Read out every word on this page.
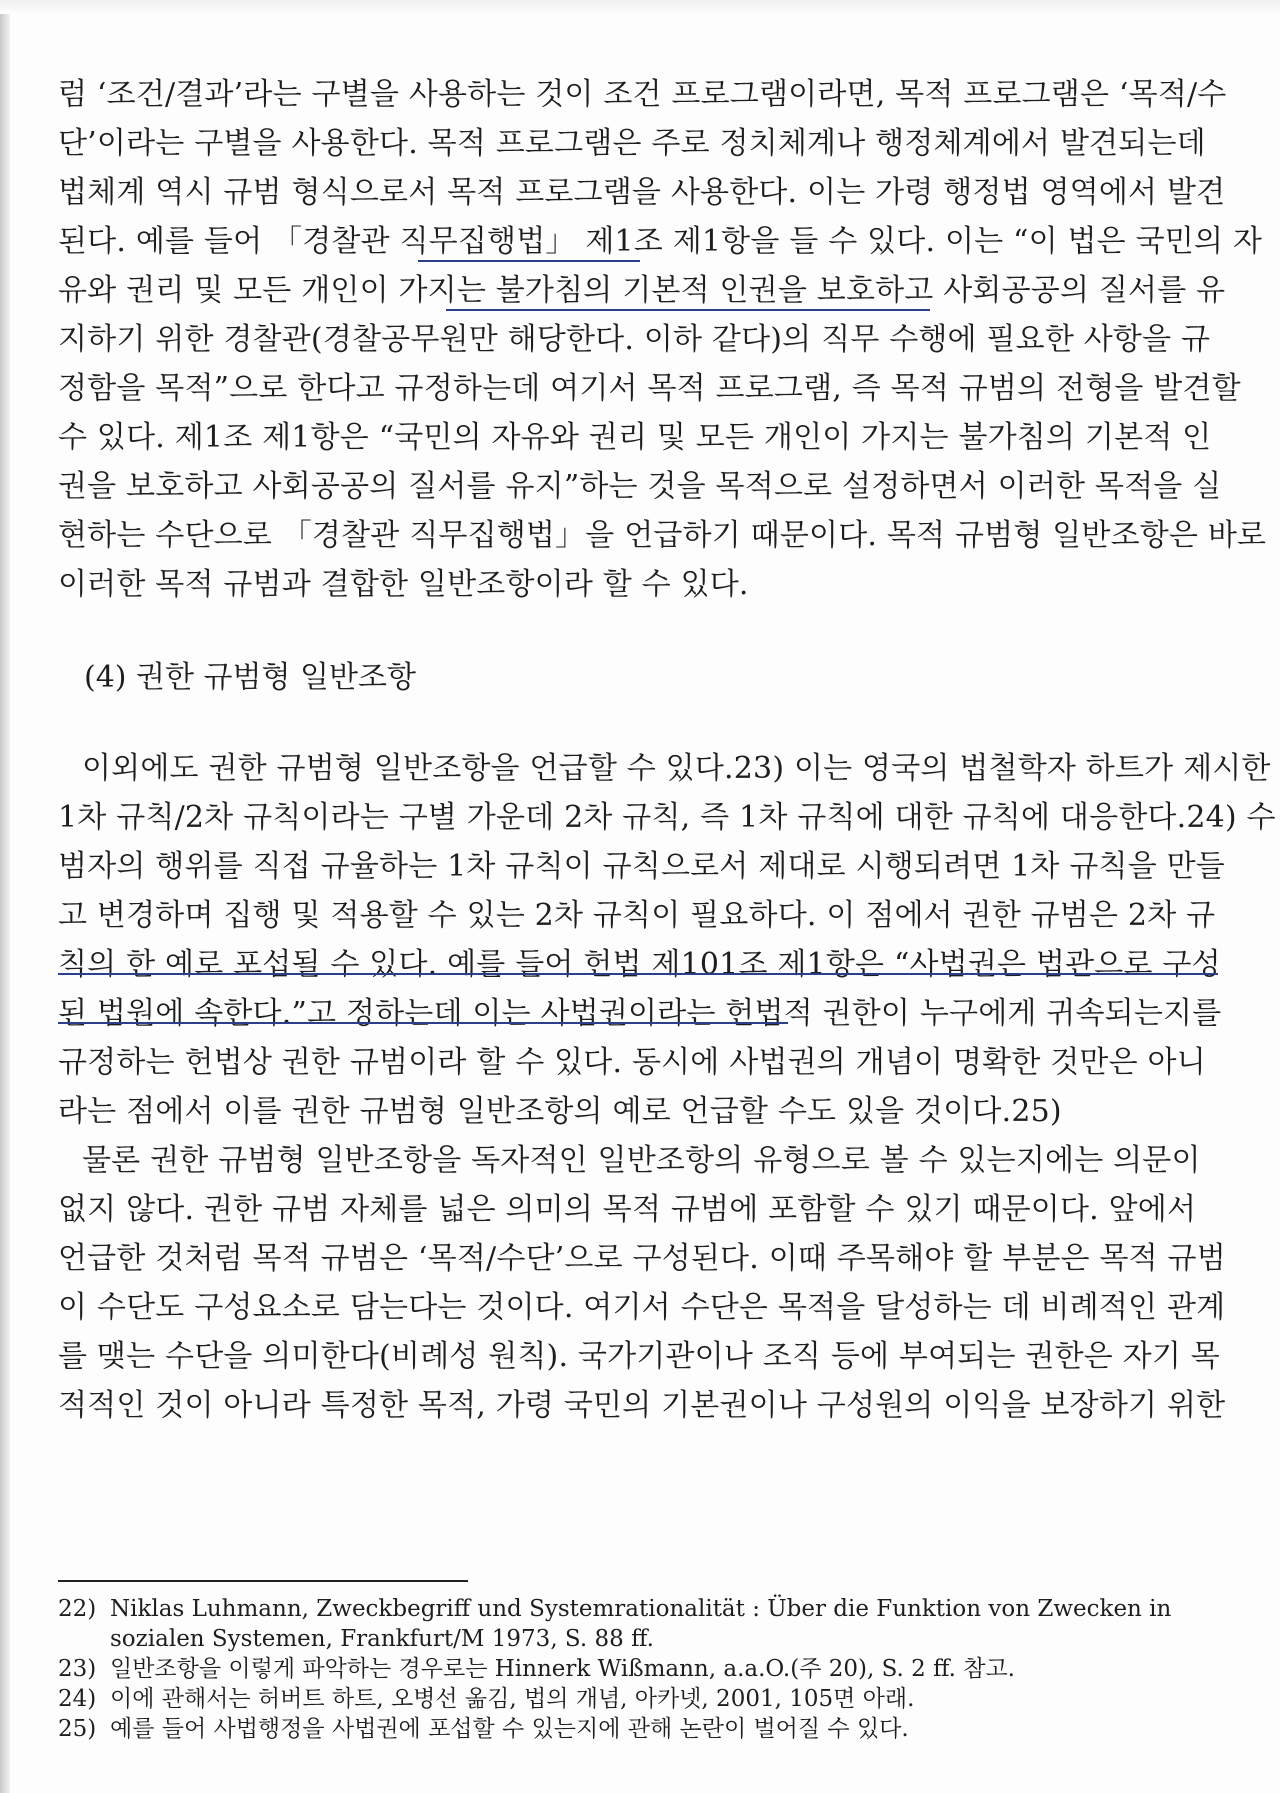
럼 ‘조건/결과’라는 구별을 사용하는 것이 조건 프로그램이라면, 목적 프로그램은 ‘목적/수
단’이라는 구별을 사용한다. 목적 프로그램은 주로 정치체계나 행정체계에서 발견되는데
법체계 역시 규범 형식으로서 목적 프로그램을 사용한다. 이는 가령 행정법 영역에서 발견
된다. 예를 들어 「경찰관 직무집행법」 제1조 제1항을 들 수 있다. 이는 “이 법은 국민의 자
유와 권리 및 모든 개인이 가지는 불가침의 기본적 인권을 보호하고 사회공공의 질서를 유
지하기 위한 경찰관(경찰공무원만 해당한다. 이하 같다)의 직무 수행에 필요한 사항을 규
정함을 목적”으로 한다고 규정하는데 여기서 목적 프로그램, 즉 목적 규범의 전형을 발견할
수 있다. 제1조 제1항은 “국민의 자유와 권리 및 모든 개인이 가지는 불가침의 기본적 인
권을 보호하고 사회공공의 질서를 유지”하는 것을 목적으로 설정하면서 이러한 목적을 실
현하는 수단으로 「경찰관 직무집행법」을 언급하기 때문이다. 목적 규범형 일반조항은 바로
이러한 목적 규범과 결합한 일반조항이라 할 수 있다.
(4) 권한 규범형 일반조항
이외에도 권한 규범형 일반조항을 언급할 수 있다.23) 이는 영국의 법철학자 하트가 제시한
1차 규칙/2차 규칙이라는 구별 가운데 2차 규칙, 즉 1차 규칙에 대한 규칙에 대응한다.24) 수
범자의 행위를 직접 규율하는 1차 규칙이 규칙으로서 제대로 시행되려면 1차 규칙을 만들
고 변경하며 집행 및 적용할 수 있는 2차 규칙이 필요하다. 이 점에서 권한 규범은 2차 규
칙의 한 예로 포섭될 수 있다. 예를 들어 헌법 제101조 제1항은 “사법권은 법관으로 구성
된 법원에 속한다.”고 정하는데 이는 사법권이라는 헌법적 권한이 누구에게 귀속되는지를
규정하는 헌법상 권한 규범이라 할 수 있다. 동시에 사법권의 개념이 명확한 것만은 아니
라는 점에서 이를 권한 규범형 일반조항의 예로 언급할 수도 있을 것이다.25)
물론 권한 규범형 일반조항을 독자적인 일반조항의 유형으로 볼 수 있는지에는 의문이
없지 않다. 권한 규범 자체를 넓은 의미의 목적 규범에 포함할 수 있기 때문이다. 앞에서
언급한 것처럼 목적 규범은 ‘목적/수단’으로 구성된다. 이때 주목해야 할 부분은 목적 규범
이 수단도 구성요소로 담는다는 것이다. 여기서 수단은 목적을 달성하는 데 비례적인 관계
를 맺는 수단을 의미한다(비례성 원칙). 국가기관이나 조직 등에 부여되는 권한은 자기 목
적적인 것이 아니라 특정한 목적, 가령 국민의 기본권이나 구성원의 이익을 보장하기 위한
22) Niklas Luhmann, Zweckbegriff und Systemrationalität : Über die Funktion von Zwecken in
sozialen Systemen, Frankfurt/M 1973, S. 88 ff.
23) 일반조항을 이렇게 파악하는 경우로는 Hinnerk Wißmann, a.a.O.(주 20), S. 2 ff. 참고.
24) 이에 관해서는 허버트 하트, 오병선 옮김, 법의 개념, 아카넷, 2001, 105면 아래.
25) 예를 들어 사법행정을 사법권에 포섭할 수 있는지에 관해 논란이 벌어질 수 있다.
